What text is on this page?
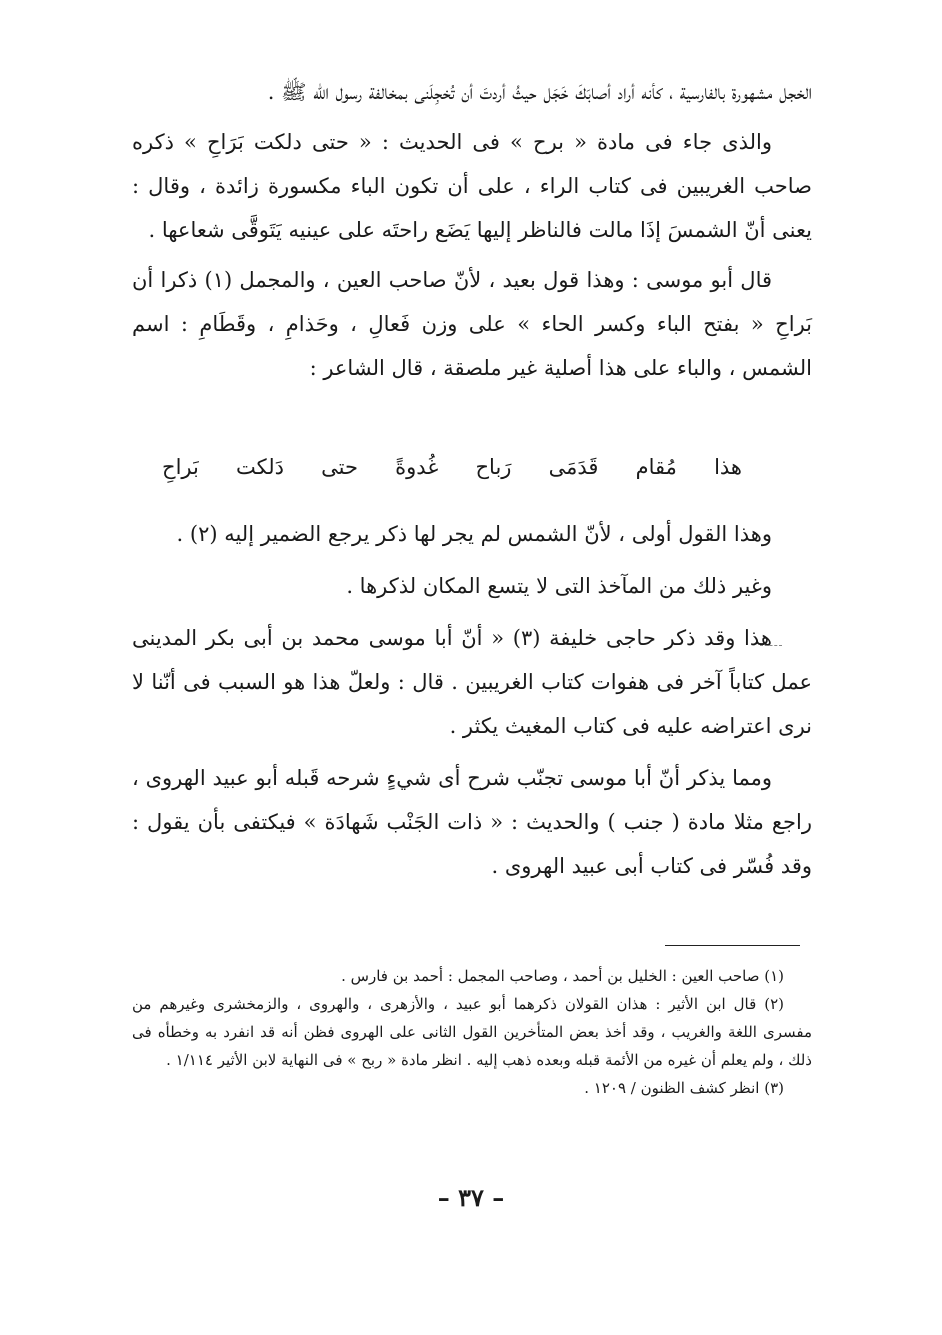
الخجل مشهورة بالفارسية ، كأنه أراد أصابَكَ خَجَل حيثُ أردتَ أن تُخجِلَنى بمخالفة رسول الله ﷺ .

والذى جاء فى مادة « برح » فى الحديث : « حتى دلكت بَرَاحِ » ذكره صاحب الغريبين فى كتاب الراء ، على أن تكون الباء مكسورة زائدة ، وقال : يعنى أنّ الشمسَ إذَا مالت فالناظر إليها يَضَع راحتَه على عينيه يَتَوقَّى شعاعها .

قال أبو موسى : وهذا قول بعيد ، لأنّ صاحب العين ، والمجمل (١) ذكرا أن بَراحِ « بفتح الباء وكسر الحاء » على وزن فَعالِ ، وحَذامِ ، وقَطَامِ : اسم الشمس ، والباء على هذا أصلية غير ملصقة ، قال الشاعر :

هذا
مُقام
قَدَمَى
رَباح
غُدوةً
حتى
دَلكت
بَراحِ

وهذا القول أولى ، لأنّ الشمس لم يجر لها ذكر يرجع الضمير إليه (٢) .

وغير ذلك من المآخذ التى لا يتسع المكان لذكرها .

هذا وقد ذكر حاجى خليفة (٣) « أنّ أبا موسى محمد بن أبى بكر المدينى عمل كتاباً آخر فى هفوات كتاب الغريبين . قال : ولعلّ هذا هو السبب فى أنّنا لا نرى اعتراضه عليه فى كتاب المغيث يكثر .

ومما يذكر أنّ أبا موسى تجنّب شرح أى شيءٍ شرحه قَبله أبو عبيد الهروى ، راجع مثلا مادة ( جنب ) والحديث : « ذات الجَنْب شَهادَة » فيكتفى بأن يقول : وقد فُسّر فى كتاب أبى عبيد الهروى .

(١) صاحب العين : الخليل بن أحمد ، وصاحب المجمل : أحمد بن فارس .

(٢) قال ابن الأثير : هذان القولان ذكرهما أبو عبيد ، والأزهرى ، والهروى ، والزمخشرى وغيرهم من مفسرى اللغة والغريب ، وقد أخذ بعض المتأخرين القول الثانى على الهروى فظن أنه قد انفرد به وخطأه فى ذلك ، ولم يعلم أن غيره من الأئمة قبله وبعده ذهب إليه . انظر مادة « ربح » فى النهاية لابن الأثير ١/١١٤ .

(٣) انظر كشف الظنون / ١٢٠٩ .

– ٣٧ –
